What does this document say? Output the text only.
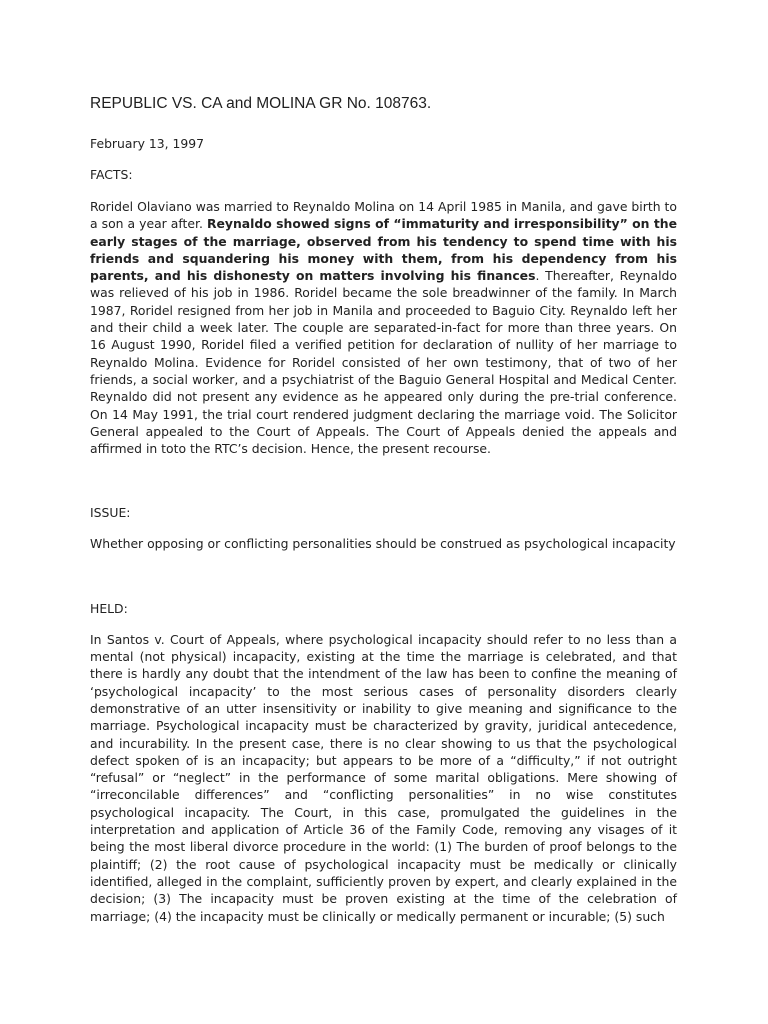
REPUBLIC VS. CA and MOLINA GR No. 108763.

February 13, 1997

FACTS:

Roridel Olaviano was married to Reynaldo Molina on 14 April 1985 in Manila, and gave birth to a son a year after. Reynaldo showed signs of “immaturity and irresponsibility” on the early stages of the marriage, observed from his tendency to spend time with his friends and squandering his money with them, from his dependency from his parents, and his dishonesty on matters involving his finances. Thereafter, Reynaldo was relieved of his job in 1986. Roridel became the sole breadwinner of the family. In March 1987, Roridel resigned from her job in Manila and proceeded to Baguio City. Reynaldo left her and their child a week later. The couple are separated-in-fact for more than three years. On 16 August 1990, Roridel filed a verified petition for declaration of nullity of her marriage to Reynaldo Molina. Evidence for Roridel consisted of her own testimony, that of two of her friends, a social worker, and a psychiatrist of the Baguio General Hospital and Medical Center. Reynaldo did not present any evidence as he appeared only during the pre-trial conference. On 14 May 1991, the trial court rendered judgment declaring the marriage void. The Solicitor General appealed to the Court of Appeals. The Court of Appeals denied the appeals and affirmed in toto the RTC’s decision. Hence, the present recourse.

ISSUE:

Whether opposing or conflicting personalities should be construed as psychological incapacity

HELD:

In Santos v. Court of Appeals, where psychological incapacity should refer to no less than a mental (not physical) incapacity, existing at the time the marriage is celebrated, and that there is hardly any doubt that the intendment of the law has been to confine the meaning of ‘psychological incapacity’ to the most serious cases of personality disorders clearly demonstrative of an utter insensitivity or inability to give meaning and significance to the marriage. Psychological incapacity must be characterized by gravity, juridical antecedence, and incurability. In the present case, there is no clear showing to us that the psychological defect spoken of is an incapacity; but appears to be more of a “difficulty,” if not outright “refusal” or “neglect” in the performance of some marital obligations. Mere showing of “irreconcilable differences” and “conflicting personalities” in no wise constitutes psychological incapacity. The Court, in this case, promulgated the guidelines in the interpretation and application of Article 36 of the Family Code, removing any visages of it being the most liberal divorce procedure in the world: (1) The burden of proof belongs to the plaintiff; (2) the root cause of psychological incapacity must be medically or clinically identified, alleged in the complaint, sufficiently proven by expert, and clearly explained in the decision; (3) The incapacity must be proven existing at the time of the celebration of marriage; (4) the incapacity must be clinically or medically permanent or incurable; (5) such
